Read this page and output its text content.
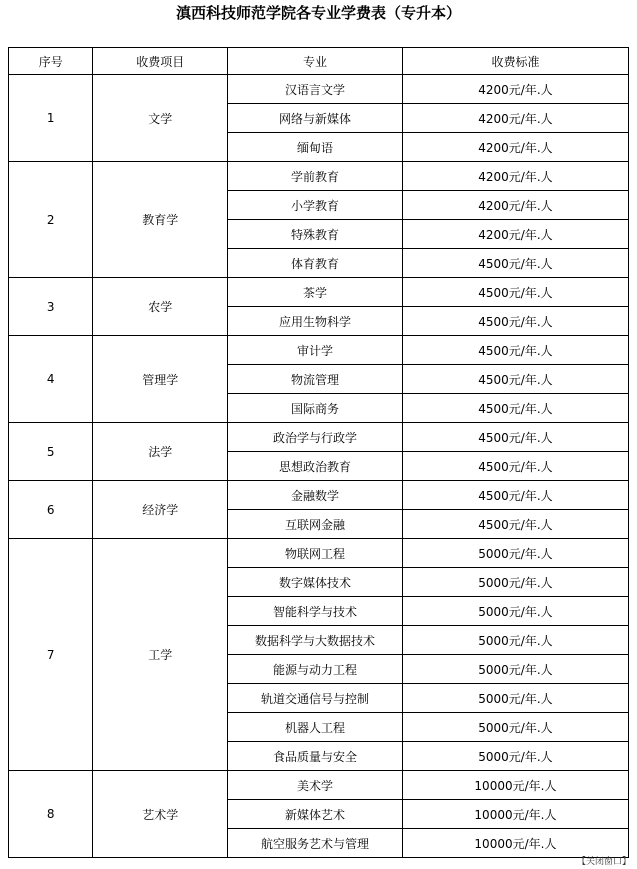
滇西科技师范学院各专业学费表（专升本）
序号	收费项目	专业	收费标准
1	文学	汉语言文学	4200元/年.人
		网络与新媒体	4200元/年.人
		缅甸语	4200元/年.人
2	教育学	学前教育	4200元/年.人
		小学教育	4200元/年.人
		特殊教育	4200元/年.人
		体育教育	4500元/年.人
3	农学	茶学	4500元/年.人
		应用生物科学	4500元/年.人
4	管理学	审计学	4500元/年.人
		物流管理	4500元/年.人
		国际商务	4500元/年.人
5	法学	政治学与行政学	4500元/年.人
		思想政治教育	4500元/年.人
6	经济学	金融数学	4500元/年.人
		互联网金融	4500元/年.人
7	工学	物联网工程	5000元/年.人
		数字媒体技术	5000元/年.人
		智能科学与技术	5000元/年.人
		数据科学与大数据技术	5000元/年.人
		能源与动力工程	5000元/年.人
		轨道交通信号与控制	5000元/年.人
		机器人工程	5000元/年.人
		食品质量与安全	5000元/年.人
8	艺术学	美术学	10000元/年.人
		新媒体艺术	10000元/年.人
		航空服务艺术与管理	10000元/年.人
【关闭窗口】
